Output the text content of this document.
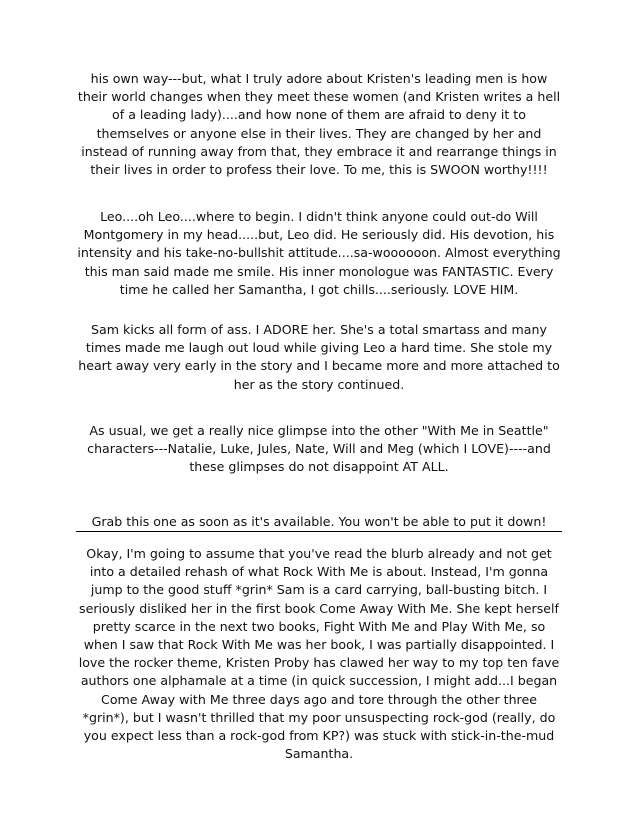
his own way---but, what I truly adore about Kristen's leading men is how their world changes when they meet these women (and Kristen writes a hell of a leading lady)....and how none of them are afraid to deny it to themselves or anyone else in their lives. They are changed by her and instead of running away from that, they embrace it and rearrange things in their lives in order to profess their love. To me, this is SWOON worthy!!!!

Leo....oh Leo....where to begin. I didn't think anyone could out-do Will Montgomery in my head.....but, Leo did. He seriously did. His devotion, his intensity and his take-no-bullshit attitude....sa-woooooon. Almost everything this man said made me smile. His inner monologue was FANTASTIC. Every time he called her Samantha, I got chills....seriously. LOVE HIM.

Sam kicks all form of ass. I ADORE her. She's a total smartass and many times made me laugh out loud while giving Leo a hard time. She stole my heart away very early in the story and I became more and more attached to her as the story continued.

As usual, we get a really nice glimpse into the other "With Me in Seattle" characters---Natalie, Luke, Jules, Nate, Will and Meg (which I LOVE)----and these glimpses do not disappoint AT ALL.

Grab this one as soon as it's available. You won't be able to put it down!

Okay, I'm going to assume that you've read the blurb already and not get into a detailed rehash of what Rock With Me is about. Instead, I'm gonna jump to the good stuff *grin* Sam is a card carrying, ball-busting bitch. I seriously disliked her in the first book Come Away With Me. She kept herself pretty scarce in the next two books, Fight With Me and Play With Me, so when I saw that Rock With Me was her book, I was partially disappointed. I love the rocker theme, Kristen Proby has clawed her way to my top ten fave authors one alphamale at a time (in quick succession, I might add...I began Come Away with Me three days ago and tore through the other three *grin*), but I wasn't thrilled that my poor unsuspecting rock-god (really, do you expect less than a rock-god from KP?) was stuck with stick-in-the-mud Samantha.
